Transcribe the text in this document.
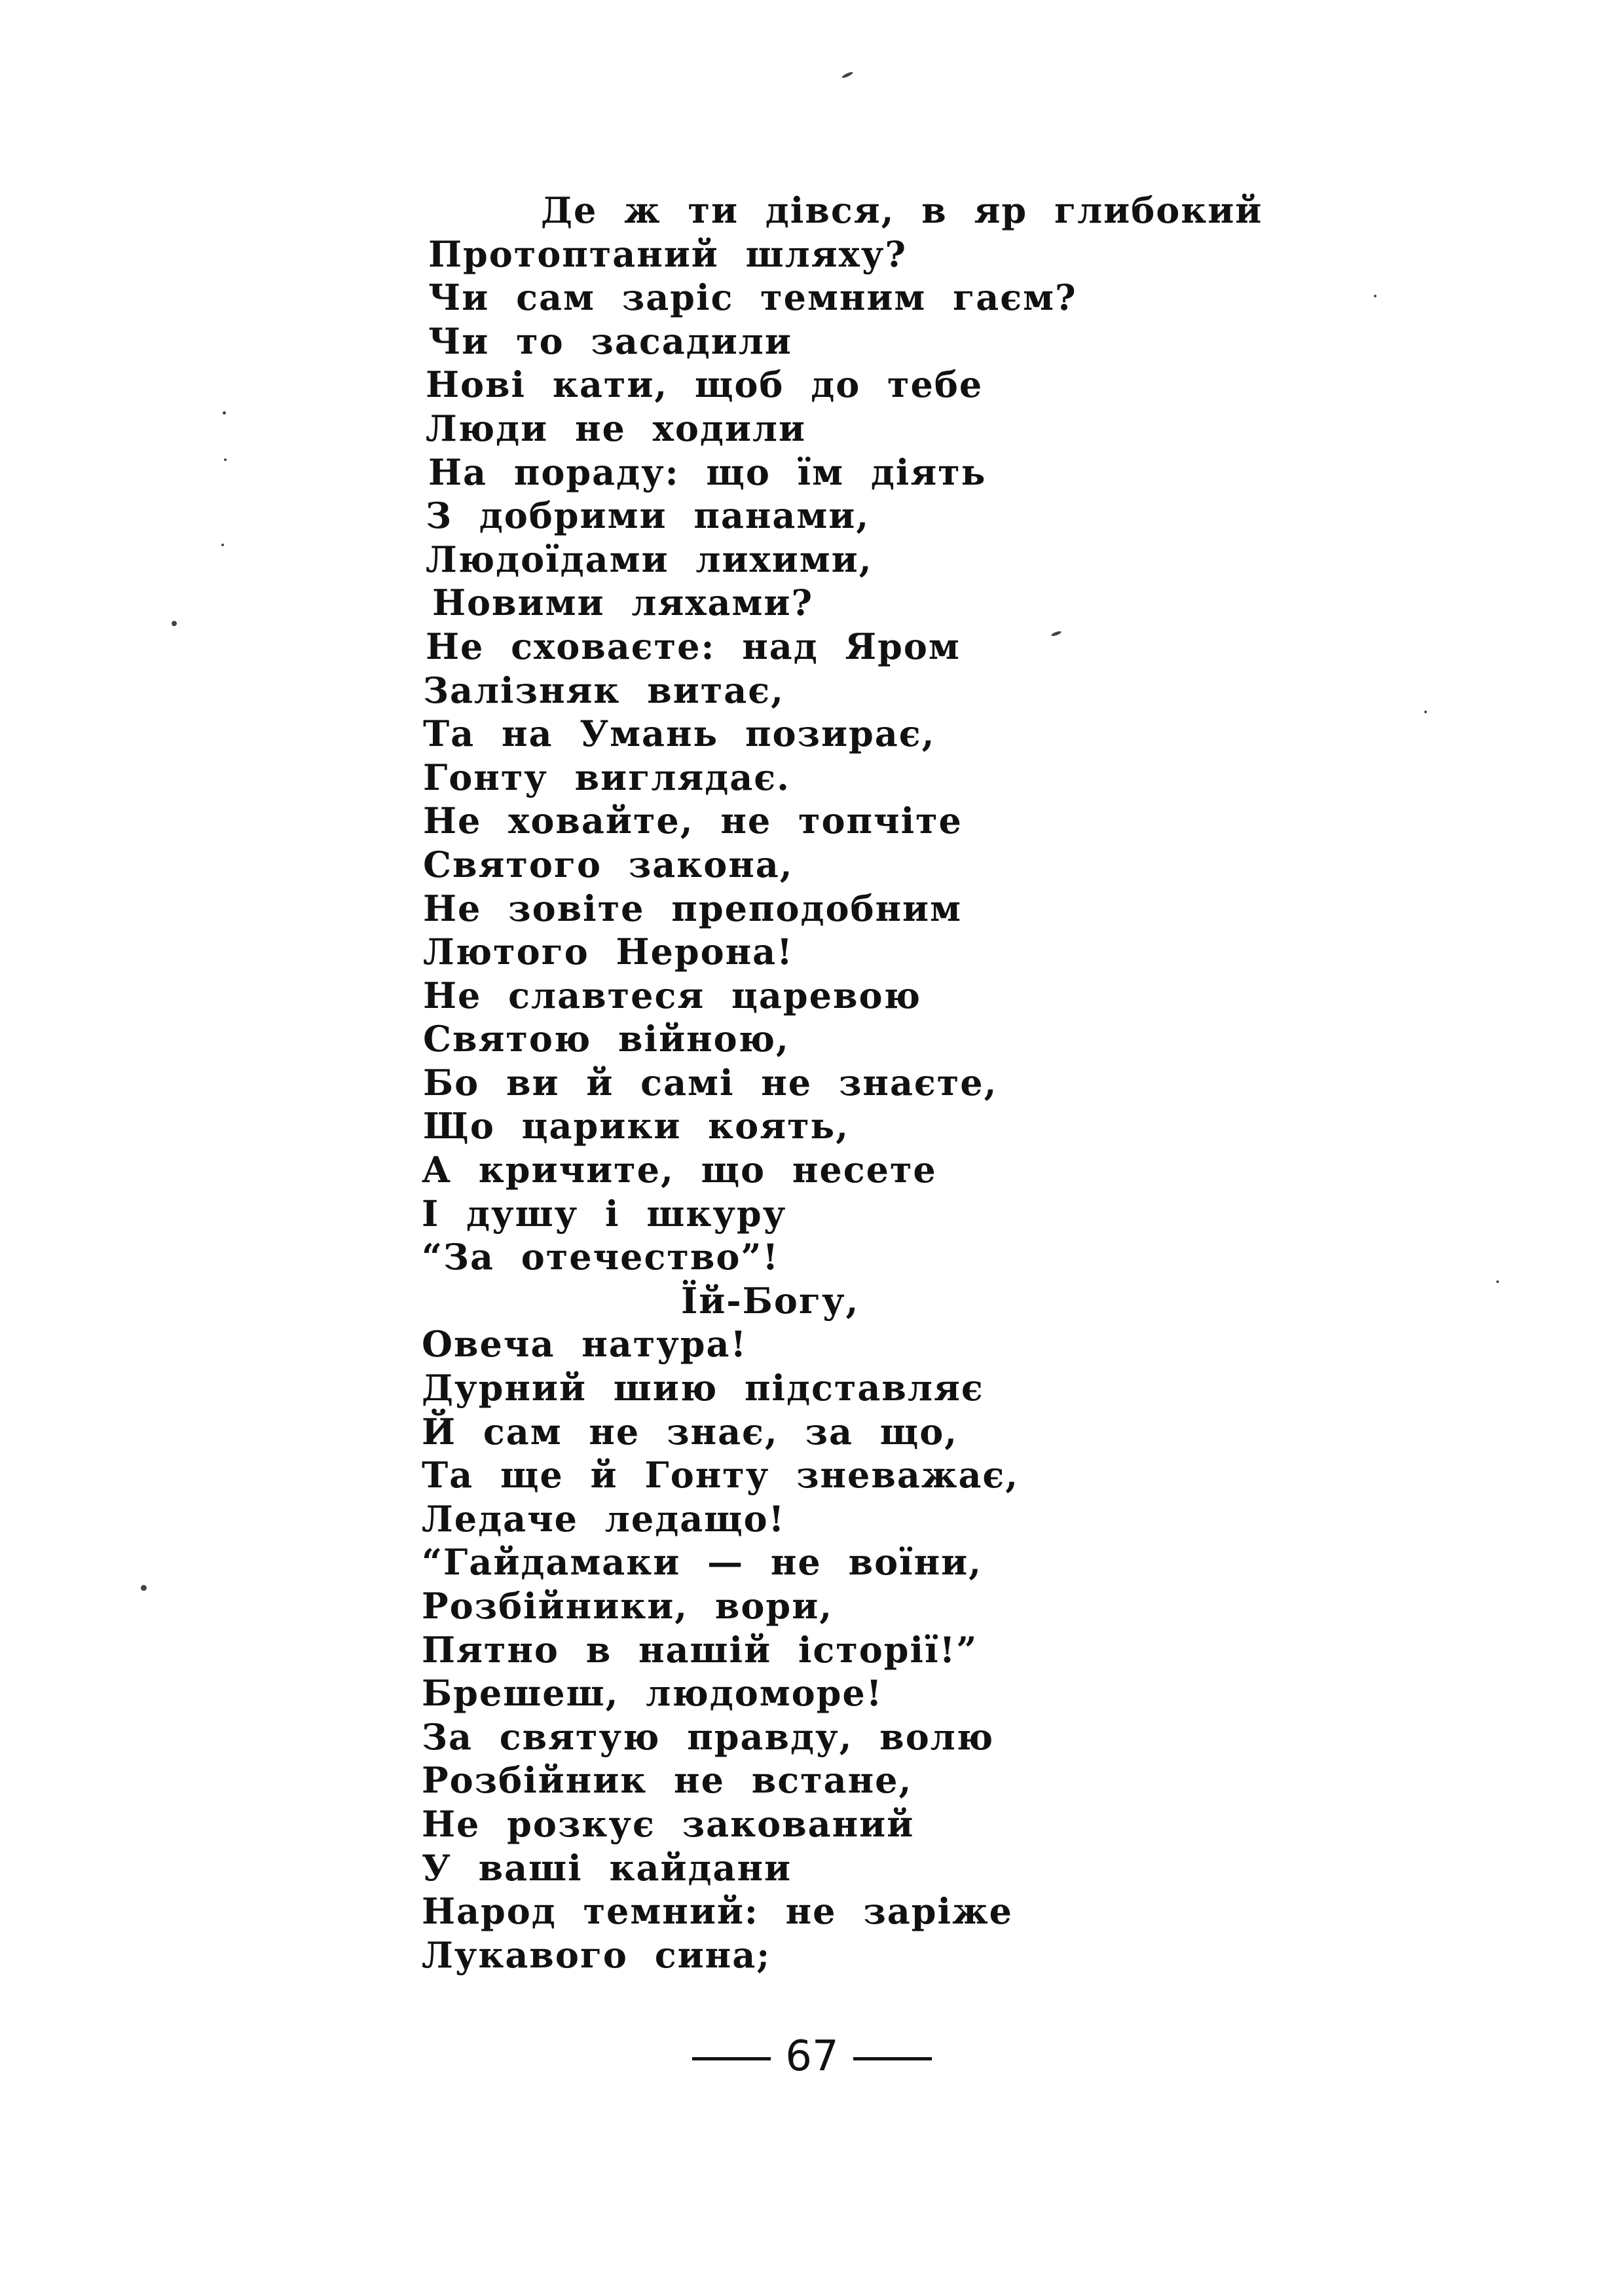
Де ж ти дівся, в яр глибокий
Протоптаний шляху?
Чи сам заріс темним гаєм?
Чи то засадили
Нові кати, щоб до тебе
Люди не ходили
На пораду: що їм діять
З добрими панами,
Людоїдами лихими,
Новими ляхами?
Не сховаєте: над Яром
Залізняк витає,
Та на Умань позирає,
Гонту виглядає.
Не ховайте, не топчіте
Святого закона,
Не зовіте преподобним
Лютого Нерона!
Не славтеся царевою
Святою війною,
Бо ви й самі не знаєте,
Що царики коять,
А кричите, що несете
І душу і шкуру
“За отечество”!
Їй-Богу,
Овеча натура!
Дурний шию підставляє
Й сам не знає, за що,
Та ще й Гонту зневажає,
Ледаче ледащо!
“Гайдамаки — не воїни,
Розбійники, вори,
Пятно в нашій історії!”
Брешеш, людоморе!
За святую правду, волю
Розбійник не встане,
Не розкує закований
У ваші кайдани
Народ темний: не заріже
Лукавого сина;
67
